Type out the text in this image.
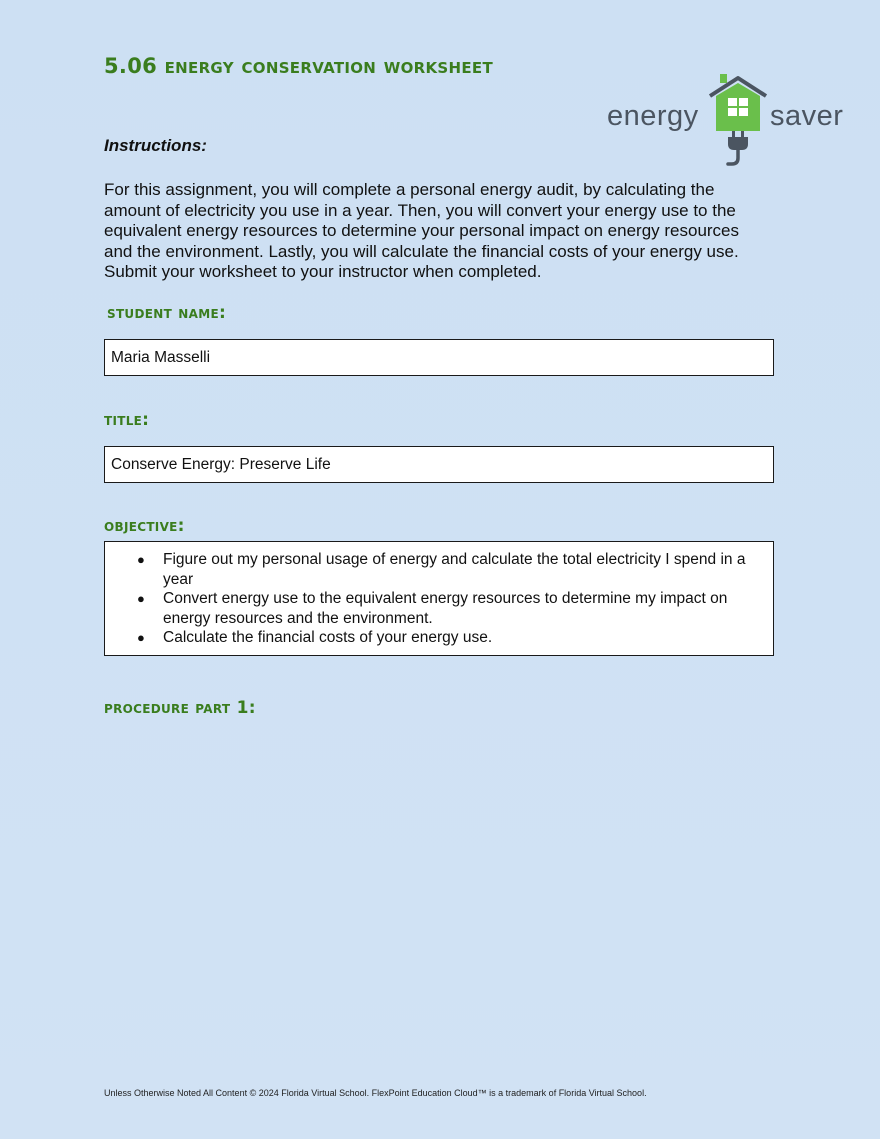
5.06 energy conservation worksheet
energy saver
Instructions:

For this assignment, you will complete a personal energy audit, by calculating the amount of electricity you use in a year. Then, you will convert your energy use to the equivalent energy resources to determine your personal impact on energy resources and the environment. Lastly, you will calculate the financial costs of your energy use. Submit your worksheet to your instructor when completed.

student name:
Maria Masselli
title:
Conserve Energy: Preserve Life
objective:
● Figure out my personal usage of energy and calculate the total electricity I spend in a year
● Convert energy use to the equivalent energy resources to determine my impact on energy resources and the environment.
● Calculate the financial costs of your energy use.
procedure part 1:
Unless Otherwise Noted All Content © 2024 Florida Virtual School. FlexPoint Education Cloud™ is a trademark of Florida Virtual School.
